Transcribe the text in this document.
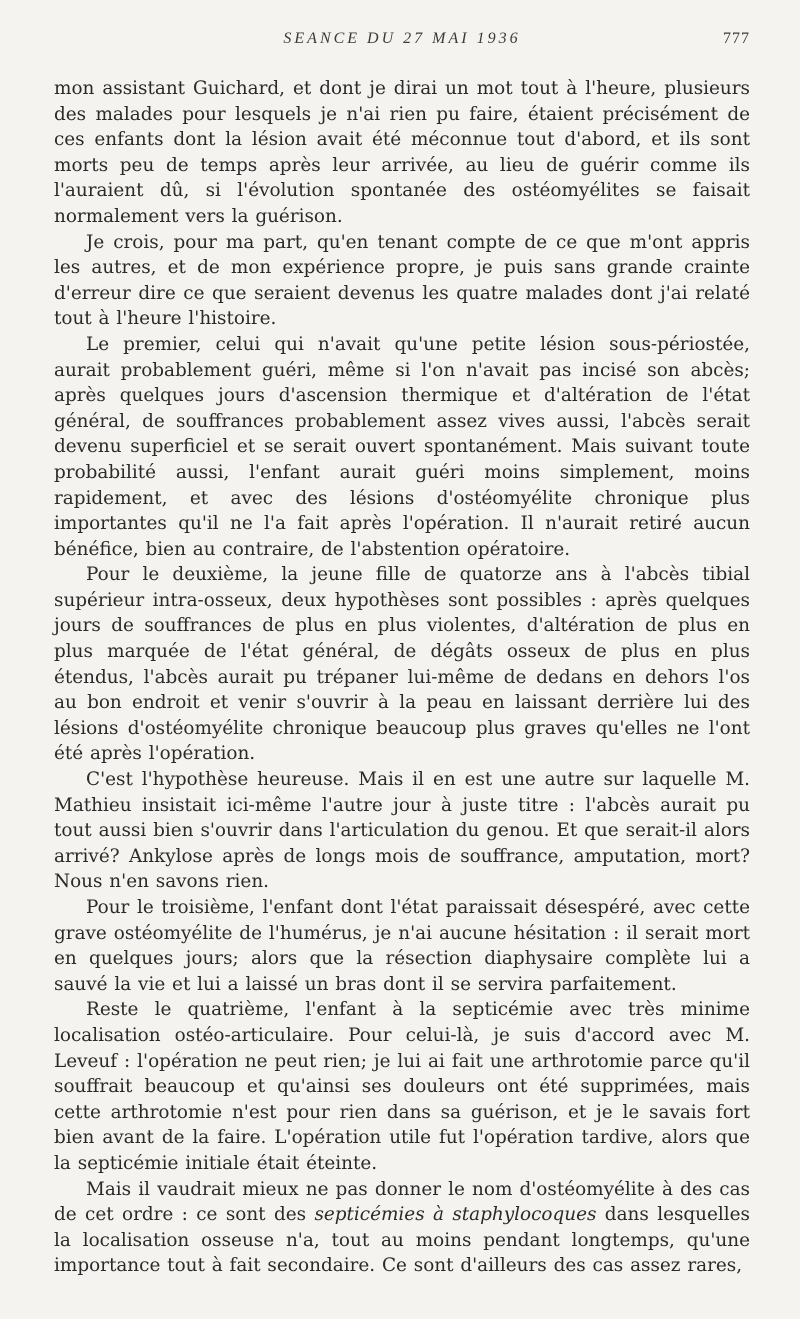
SEANCE DU 27 MAI 1936	777

mon assistant Guichard, et dont je dirai un mot tout à l'heure, plusieurs des malades pour lesquels je n'ai rien pu faire, étaient précisément de ces enfants dont la lésion avait été méconnue tout d'abord, et ils sont morts peu de temps après leur arrivée, au lieu de guérir comme ils l'auraient dû, si l'évolution spontanée des ostéomyélites se faisait normalement vers la guérison.

Je crois, pour ma part, qu'en tenant compte de ce que m'ont appris les autres, et de mon expérience propre, je puis sans grande crainte d'erreur dire ce que seraient devenus les quatre malades dont j'ai relaté tout à l'heure l'histoire.

Le premier, celui qui n'avait qu'une petite lésion sous-périostée, aurait probablement guéri, même si l'on n'avait pas incisé son abcès; après quelques jours d'ascension thermique et d'altération de l'état général, de souffrances probablement assez vives aussi, l'abcès serait devenu superficiel et se serait ouvert spontanément. Mais suivant toute probabilité aussi, l'enfant aurait guéri moins simplement, moins rapidement, et avec des lésions d'ostéomyélite chronique plus importantes qu'il ne l'a fait après l'opération. Il n'aurait retiré aucun bénéfice, bien au contraire, de l'abstention opératoire.

Pour le deuxième, la jeune fille de quatorze ans à l'abcès tibial supérieur intra-osseux, deux hypothèses sont possibles : après quelques jours de souffrances de plus en plus violentes, d'altération de plus en plus marquée de l'état général, de dégâts osseux de plus en plus étendus, l'abcès aurait pu trépaner lui-même de dedans en dehors l'os au bon endroit et venir s'ouvrir à la peau en laissant derrière lui des lésions d'ostéomyélite chronique beaucoup plus graves qu'elles ne l'ont été après l'opération.

C'est l'hypothèse heureuse. Mais il en est une autre sur laquelle M. Mathieu insistait ici-même l'autre jour à juste titre : l'abcès aurait pu tout aussi bien s'ouvrir dans l'articulation du genou. Et que serait-il alors arrivé? Ankylose après de longs mois de souffrance, amputation, mort? Nous n'en savons rien.

Pour le troisième, l'enfant dont l'état paraissait désespéré, avec cette grave ostéomyélite de l'humérus, je n'ai aucune hésitation : il serait mort en quelques jours; alors que la résection diaphysaire complète lui a sauvé la vie et lui a laissé un bras dont il se servira parfaitement.

Reste le quatrième, l'enfant à la septicémie avec très minime localisation ostéo-articulaire. Pour celui-là, je suis d'accord avec M. Leveuf : l'opération ne peut rien; je lui ai fait une arthrotomie parce qu'il souffrait beaucoup et qu'ainsi ses douleurs ont été supprimées, mais cette arthrotomie n'est pour rien dans sa guérison, et je le savais fort bien avant de la faire. L'opération utile fut l'opération tardive, alors que la septicémie initiale était éteinte.

Mais il vaudrait mieux ne pas donner le nom d'ostéomyélite à des cas de cet ordre : ce sont des septicémies à staphylocoques dans lesquelles la localisation osseuse n'a, tout au moins pendant longtemps, qu'une importance tout à fait secondaire. Ce sont d'ailleurs des cas assez rares,
